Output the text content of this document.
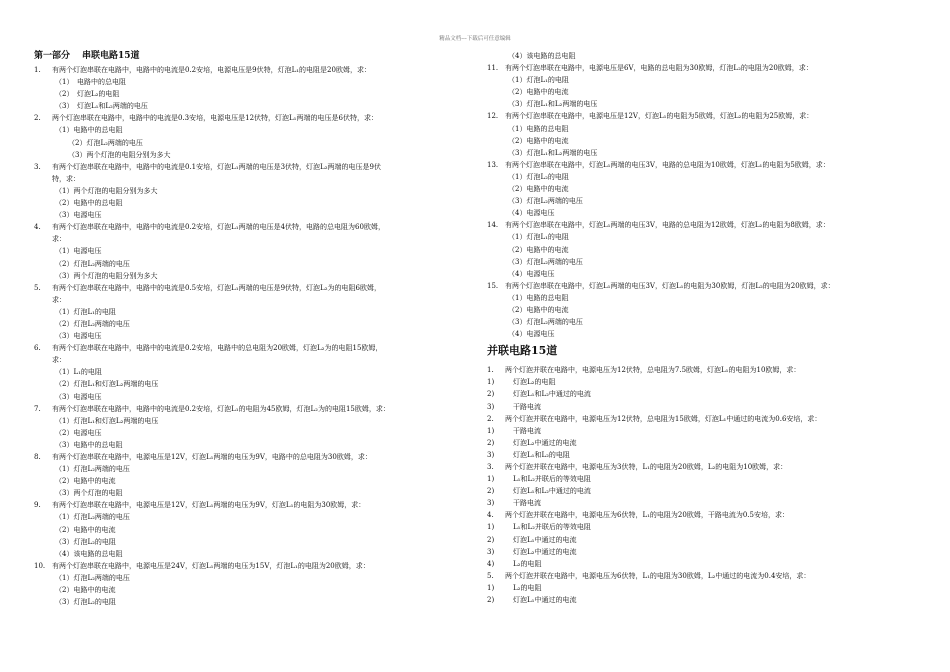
精品文档---下载后可任意编辑
第一部分 串联电路15道
1. 有两个灯泡串联在电路中，电路中的电流是0.2安培，电源电压是9伏特，灯泡L₁的电阻是20欧姆，求：
（1）　电路中的总电阻
（2）　灯泡L₂的电阻
（3）　灯泡L₁和L₂两端的电压
2. 两个灯泡串联在电路中，电路中的电流是0.3安培，电源电压是12伏特，灯泡L₁两端的电压是6伏特，求：
（1）电路中的总电阻
（2）灯泡L₂两端的电压
（3）两个灯泡的电阻分别为多大
3. 有两个灯泡串联在电路中，电路中的电流是0.1安培，灯泡L₁两端的电压是3伏特，灯泡L₂两端的电压是9伏
特，求：
（1）两个灯泡的电阻分别为多大
（2）电路中的总电阻
（3）电源电压
4. 有两个灯泡串联在电路中，电路中的电流是0.2安培，灯泡L₁两端的电压是4伏特，电路的总电阻为60欧姆，
求：
（1）电源电压
（2）灯泡L₂两端的电压
（3）两个灯泡的电阻分别为多大
5. 有两个灯泡串联在电路中，电路中的电流是0.5安培，灯泡L₁两端的电压是9伏特，灯泡L₂为的电阻6欧姆，
求：
（1）灯泡L₁的电阻
（2）灯泡L₂两端的电压
（3）电源电压
6. 有两个灯泡串联在电路中，电路中的电流是0.2安培，电路中的总电阻为20欧姆，灯泡L₂为的电阻15欧姆，
求：
（1）L₁的电阻
（2）灯泡L₁和灯泡L₂两端的电压
（3）电源电压
7. 有两个灯泡串联在电路中，电路中的电流是0.2安培，灯泡L₁的电阻为45欧姆，灯泡L₂为的电阻15欧姆，求：
（1）灯泡L₁和灯泡L₂两端的电压
（2）电源电压
（3）电路中的总电阻
8. 有两个灯泡串联在电路中，电源电压是12V，灯泡L₁两端的电压为9V，电路中的总电阻为30欧姆，求：
（1）灯泡L₂两端的电压
（2）电路中的电流
（3）两个灯泡的电阻
9. 有两个灯泡串联在电路中，电源电压是12V，灯泡L₁两端的电压为9V，灯泡L₁的电阻为30欧姆，求：
（1）灯泡L₂两端的电压
（2）电路中的电流
（3）灯泡L₂的电阻
（4）该电路的总电阻
10. 有两个灯泡串联在电路中，电源电压是24V，灯泡L₁两端的电压为15V，灯泡L₁的电阻为20欧姆，求：
（1）灯泡L₂两端的电压
（2）电路中的电流
（3）灯泡L₂的电阻
（4）该电路的总电阻
11. 有两个灯泡串联在电路中，电源电压是6V，电路的总电阻为30欧姆，灯泡L₂的电阻为20欧姆，求：
（1）灯泡L₁的电阻
（2）电路中的电流
（3）灯泡L₁和L₂两端的电压
12. 有两个灯泡串联在电路中，电源电压是12V，灯泡L₁的电阻为5欧姆，灯泡L₂的电阻为25欧姆，求：
（1）电路的总电阻
（2）电路中的电流
（3）灯泡L₁和L₂两端的电压
13. 有两个灯泡串联在电路中，灯泡L₁两端的电压3V，电路的总电阻为10欧姆，灯泡L₁的电阻为5欧姆，求：
（1）灯泡L₂的电阻
（2）电路中的电流
（3）灯泡L₂两端的电压
（4）电源电压
14. 有两个灯泡串联在电路中，灯泡L₁两端的电压3V，电路的总电阻为12欧姆，灯泡L₂的电阻为8欧姆，求：
（1）灯泡L₁的电阻
（2）电路中的电流
（3）灯泡L₂两端的电压
（4）电源电压
15. 有两个灯泡串联在电路中，灯泡L₁两端的电压3V，灯泡L₁的电阻为30欧姆，灯泡L₂的电阻为20欧姆，求：
（1）电路的总电阻
（2）电路中的电流
（3）灯泡L₂两端的电压
（4）电源电压
并联电路15道
1. 两个灯泡并联在电路中，电源电压为12伏特，总电阻为7.5欧姆，灯泡L₁的电阻为10欧姆，求：
1)	灯泡L₂的电阻
2)	灯泡L₁和L₂中通过的电流
3)	干路电流
2. 两个灯泡并联在电路中，电源电压为12伏特，总电阻为15欧姆，灯泡L₁中通过的电流为0.6安培，求：
1)	干路电流
2)	灯泡L₂中通过的电流
3)	灯泡L₁和L₂的电阻
3. 两个灯泡并联在电路中，电源电压为3伏特，L₁的电阻为20欧姆，L₂的电阻为10欧姆，求：
1)	L₁和L₂并联后的等效电阻
2)	灯泡L₁和L₂中通过的电流
3)	干路电流
4. 两个灯泡并联在电路中，电源电压为6伏特，L₁的电阻为20欧姆，干路电流为0.5安培，求：
1)	L₁和L₂并联后的等效电阻
2)	灯泡L₁中通过的电流
3)	灯泡L₂中通过的电流
4)	L₂的电阻
5. 两个灯泡并联在电路中，电源电压为6伏特，L₁的电阻为30欧姆，L₂中通过的电流为0.4安培，求：
1)	L₂的电阻
2)	灯泡L₁中通过的电流
